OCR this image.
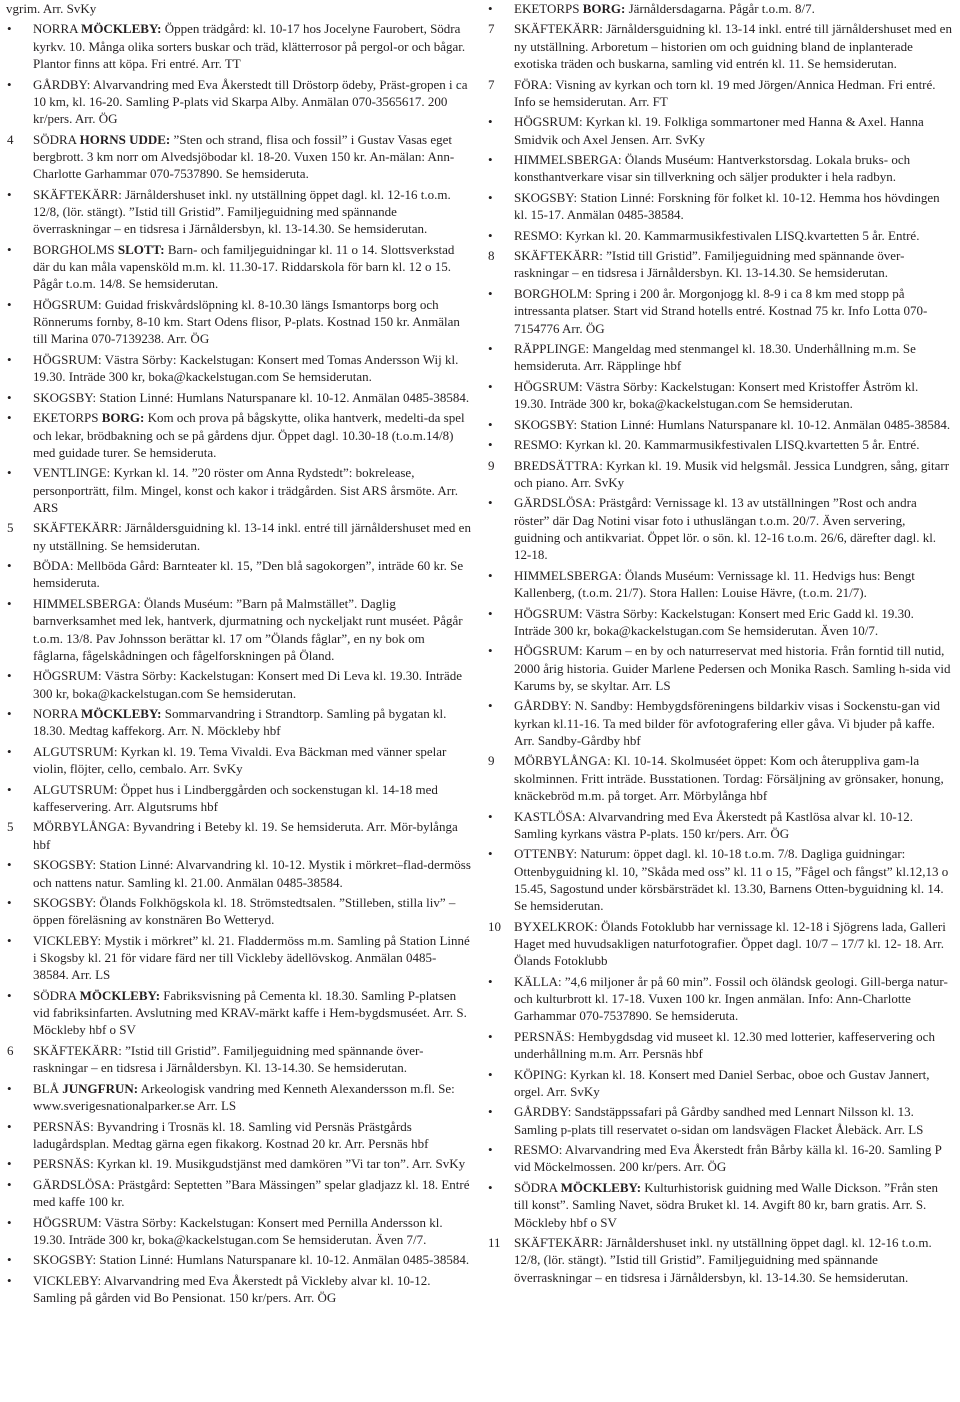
vgrim. Arr. SvKy

•	NORRA MÖCKLEBY: Öppen trädgård: kl. 10-17 hos Jocelyne Faurobert, Södra kyrkv. 10. Många olika sorters buskar och träd, klätterrosor på pergol-or och bågar. Plantor finns att köpa. Fri entré. Arr. TT
•	GÅRDBY: Alvarvandring med Eva Åkerstedt till Dröstorp ödeby, Präst-gropen i ca 10 km, kl. 16-20. Samling P-plats vid Skarpa Alby. Anmälan 070-3565617. 200 kr/pers. Arr. ÖG
4	SÖDRA HORNS UDDE: ”Sten och strand, flisa och fossil” i Gustav Vasas eget bergbrott. 3 km norr om Alvedsjöbodar kl. 18-20. Vuxen 150 kr. An-mälan: Ann-Charlotte Garhammar 070-7537890. Se hemsideruta.
•	SKÄFTEKÄRR: Järnåldershuset inkl. ny utställning öppet dagl. kl. 12-16 t.o.m. 12/8, (lör. stängt). ”Istid till Gristid”. Familjeguidning med spännande överraskningar – en tidsresa i Järnåldersbyn, kl. 13-14.30. Se hemsiderutan.
•	BORGHOLMS SLOTT: Barn- och familjeguidningar kl. 11 o 14. Slottsverkstad där du kan måla vapensköld m.m. kl. 11.30-17. Riddarskola för barn kl. 12 o 15. Pågår t.o.m. 14/8. Se hemsiderutan.
•	HÖGSRUM: Guidad friskvårdslöpning kl. 8-10.30 längs Ismantorps borg och Rönnerums fornby, 8-10 km. Start Odens flisor, P-plats. Kostnad 150 kr. Anmälan till Marina 070-7139238. Arr. ÖG
•	HÖGSRUM: Västra Sörby: Kackelstugan: Konsert med Tomas Andersson Wij kl. 19.30. Inträde 300 kr, boka@kackelstugan.com Se hemsiderutan.
•	SKOGSBY: Station Linné: Humlans Naturspanare kl. 10-12. Anmälan 0485-38584.
•	EKETORPS BORG: Kom och prova på bågskytte, olika hantverk, medelti-da spel och lekar, brödbakning och se på gårdens djur. Öppet dagl. 10.30-18 (t.o.m.14/8) med guidade turer. Se hemsideruta.
•	VENTLINGE: Kyrkan kl. 14. ”20 röster om Anna Rydstedt”: bokrelease, personporträtt, film. Mingel, konst och kakor i trädgården. Sist ARS årsmöte. Arr. ARS
5	SKÄFTEKÄRR: Järnåldersguidning kl. 13-14 inkl. entré till järnåldershuset med en ny utställning. Se hemsiderutan.
•	BÖDA: Mellböda Gård: Barnteater kl. 15, ”Den blå sagokorgen”, inträde 60 kr. Se hemsideruta.
•	HIMMELSBERGA: Ölands Muséum: ”Barn på Malmstället”. Daglig barnverksamhet med lek, hantverk, djurmatning och nyckeljakt runt muséet. Pågår t.o.m. 13/8. Pav Johnsson berättar kl. 17 om ”Ölands fåglar”, en ny bok om fåglarna, fågelskådningen och fågelforskningen på Öland.
•	HÖGSRUM: Västra Sörby: Kackelstugan: Konsert med Di Leva kl. 19.30. Inträde 300 kr, boka@kackelstugan.com Se hemsiderutan.
•	NORRA MÖCKLEBY: Sommarvandring i Strandtorp. Samling på bygatan kl. 18.30. Medtag kaffekorg. Arr. N. Möckleby hbf
•	ALGUTSRUM: Kyrkan kl. 19. Tema Vivaldi. Eva Bäckman med vänner spelar violin, flöjter, cello, cembalo. Arr. SvKy
•	ALGUTSRUM: Öppet hus i Lindberggården och sockenstugan kl. 14-18 med kaffeservering. Arr. Algutsrums hbf
5	MÖRBYLÅNGA: Byvandring i Beteby kl. 19. Se hemsideruta. Arr. Mör-bylånga hbf
•	SKOGSBY: Station Linné: Alvarvandring kl. 10-12. Mystik i mörkret–flad-dermöss och nattens natur. Samling kl. 21.00. Anmälan 0485-38584.
•	SKOGSBY: Ölands Folkhögskola kl. 18. Strömstedtsalen. ”Stilleben, stilla liv” – öppen föreläsning av konstnären Bo Wetteryd.
•	VICKLEBY: Mystik i mörkret” kl. 21. Fladdermöss m.m. Samling på Station Linné i Skogsby kl. 21 för vidare färd ner till Vickleby ädellövskog. Anmälan 0485-38584. Arr. LS
•	SÖDRA MÖCKLEBY: Fabriksvisning på Cementa kl. 18.30. Samling P-platsen vid fabriksinfarten. Avslutning med KRAV-märkt kaffe i Hem-bygdsmuséet. Arr. S. Möckleby hbf o SV
6	SKÄFTEKÄRR: ”Istid till Gristid”. Familjeguidning med spännande över-raskningar – en tidsresa i Järnåldersbyn. Kl. 13-14.30. Se hemsiderutan.
•	BLÅ JUNGFRUN: Arkeologisk vandring med Kenneth Alexandersson m.fl. Se: www.sverigesnationalparker.se Arr. LS
•	PERSNÄS: Byvandring i Trosnäs kl. 18. Samling vid Persnäs Prästgårds ladugårdsplan. Medtag gärna egen fikakorg. Kostnad 20 kr. Arr. Persnäs hbf
•	PERSNÄS: Kyrkan kl. 19. Musikgudstjänst med damkören ”Vi tar ton”. Arr. SvKy
•	GÄRDSLÖSA: Prästgård: Septetten ”Bara Mässingen” spelar gladjazz kl. 18. Entré med kaffe 100 kr.
•	HÖGSRUM: Västra Sörby: Kackelstugan: Konsert med Pernilla Andersson kl. 19.30. Inträde 300 kr, boka@kackelstugan.com Se hemsiderutan. Även 7/7.
•	SKOGSBY: Station Linné: Humlans Naturspanare kl. 10-12. Anmälan 0485-38584.
•	VICKLEBY: Alvarvandring med Eva Åkerstedt på Vickleby alvar kl. 10-12. Samling på gården vid Bo Pensionat. 150 kr/pers. Arr. ÖG
•	EKETORPS BORG: Järnåldersdagarna. Pågår t.o.m. 8/7.
7	SKÄFTEKÄRR: Järnåldersguidning kl. 13-14 inkl. entré till järnåldershuset med en ny utställning. Arboretum – historien om och guidning bland de inplanterade exotiska träden och buskarna, samling vid entrén kl. 11. Se hemsiderutan.
7	FÖRA: Visning av kyrkan och torn kl. 19 med Jörgen/Annica Hedman. Fri entré. Info se hemsiderutan. Arr. FT
•	HÖGSRUM: Kyrkan kl. 19. Folkliga sommartoner med Hanna & Axel. Hanna Smidvik och Axel Jensen. Arr. SvKy
•	HIMMELSBERGA: Ölands Muséum: Hantverkstorsdag. Lokala bruks- och konsthantverkare visar sin tillverkning och säljer produkter i hela radbyn.
•	SKOGSBY: Station Linné: Forskning för folket kl. 10-12. Hemma hos hövdingen kl. 15-17. Anmälan 0485-38584.
•	RESMO: Kyrkan kl. 20. Kammarmusikfestivalen LISQ.kvartetten 5 år. Entré.
8	SKÄFTEKÄRR: ”Istid till Gristid”. Familjeguidning med spännande över-raskningar – en tidsresa i Järnåldersbyn. Kl. 13-14.30. Se hemsiderutan.
•	BORGHOLM: Spring i 200 år. Morgonjogg kl. 8-9 i ca 8 km med stopp på intressanta platser. Start vid Strand hotells entré. Kostnad 75 kr. Info Lotta 070-7154776 Arr. ÖG
•	RÄPPLINGE: Mangeldag med stenmangel kl. 18.30. Underhållning m.m. Se hemsideruta. Arr. Räpplinge hbf
•	HÖGSRUM: Västra Sörby: Kackelstugan: Konsert med Kristoffer Åström kl. 19.30. Inträde 300 kr, boka@kackelstugan.com Se hemsiderutan.
•	SKOGSBY: Station Linné: Humlans Naturspanare kl. 10-12. Anmälan 0485-38584.
•	RESMO: Kyrkan kl. 20. Kammarmusikfestivalen LISQ.kvartetten 5 år. Entré.
9	BREDSÄTTRA: Kyrkan kl. 19. Musik vid helgsmål. Jessica Lundgren, sång, gitarr och piano. Arr. SvKy
•	GÄRDSLÖSA: Prästgård: Vernissage kl. 13 av utställningen ”Rost och andra röster” där Dag Notini visar foto i uthuslängan t.o.m. 20/7. Även servering, guidning och antikvariat. Öppet lör. o sön. kl. 12-16 t.o.m. 26/6, därefter dagl. kl. 12-18.
•	HIMMELSBERGA: Ölands Muséum: Vernissage kl. 11. Hedvigs hus: Bengt Kallenberg, (t.o.m. 21/7). Stora Hallen: Louise Hävre, (t.o.m. 21/7).
•	HÖGSRUM: Västra Sörby: Kackelstugan: Konsert med Eric Gadd kl. 19.30. Inträde 300 kr, boka@kackelstugan.com Se hemsiderutan. Även 10/7.
•	HÖGSRUM: Karum – en by och naturreservat med historia. Från forntid till nutid, 2000 årig historia. Guider Marlene Pedersen och Monika Rasch. Samling h-sida vid Karums by, se skyltar. Arr. LS
•	GÅRDBY: N. Sandby: Hembygdsföreningens bildarkiv visas i Sockenstu-gan vid kyrkan kl.11-16. Ta med bilder för avfotografering eller gåva. Vi bjuder på kaffe. Arr. Sandby-Gårdby hbf
9	MÖRBYLÅNGA: Kl. 10-14. Skolmuséet öppet: Kom och återuppliva gam-la skolminnen. Fritt inträde. Busstationen. Tordag: Försäljning av grönsaker, honung, knäckebröd m.m. på torget. Arr. Mörbylånga hbf
•	KASTLÖSA: Alvarvandring med Eva Åkerstedt på Kastlösa alvar kl. 10-12. Samling kyrkans västra P-plats. 150 kr/pers. Arr. ÖG
•	OTTENBY: Naturum: öppet dagl. kl. 10-18 t.o.m. 7/8. Dagliga guidningar: Ottenbyguidning kl. 10, ”Skåda med oss” kl. 11 o 15, ”Fågel och fångst” kl.12,13 o 15.45, Sagostund under körsbärsträdet kl. 13.30, Barnens Otten-byguidning kl. 14. Se hemsiderutan.
10	BYXELKROK: Ölands Fotoklubb har vernissage kl. 12-18 i Sjögrens lada, Galleri Haget med huvudsakligen naturfotografier. Öppet dagl. 10/7 – 17/7 kl. 12- 18. Arr. Ölands Fotoklubb
•	KÄLLA: ”4,6 miljoner år på 60 min”. Fossil och öländsk geologi. Gill-berga natur- och kulturbrott kl. 17-18. Vuxen 100 kr. Ingen anmälan. Info: Ann-Charlotte Garhammar 070-7537890. Se hemsideruta.
•	PERSNÄS: Hembygdsdag vid museet kl. 12.30 med lotterier, kaffeservering och underhållning m.m. Arr. Persnäs hbf
•	KÖPING: Kyrkan kl. 18. Konsert med Daniel Serbac, oboe och Gustav Jannert, orgel. Arr. SvKy
•	GÅRDBY: Sandstäppssafari på Gårdby sandhed med Lennart Nilsson kl. 13. Samling p-plats till reservatet o-sidan om landsvägen Flacket Ålebäck. Arr. LS
•	RESMO: Alvarvandring med Eva Åkerstedt från Bårby källa kl. 16-20. Samling P vid Möckelmossen. 200 kr/pers. Arr. ÖG
•	SÖDRA MÖCKLEBY: Kulturhistorisk guidning med Walle Dickson. ”Från sten till konst”. Samling Navet, södra Bruket kl. 14. Avgift 80 kr, barn gratis. Arr. S. Möckleby hbf o SV
11	SKÄFTEKÄRR: Järnåldershuset inkl. ny utställning öppet dagl. kl. 12-16 t.o.m. 12/8, (lör. stängt). ”Istid till Gristid”. Familjeguidning med spännande överraskningar – en tidsresa i Järnåldersbyn, kl. 13-14.30. Se hemsiderutan.
